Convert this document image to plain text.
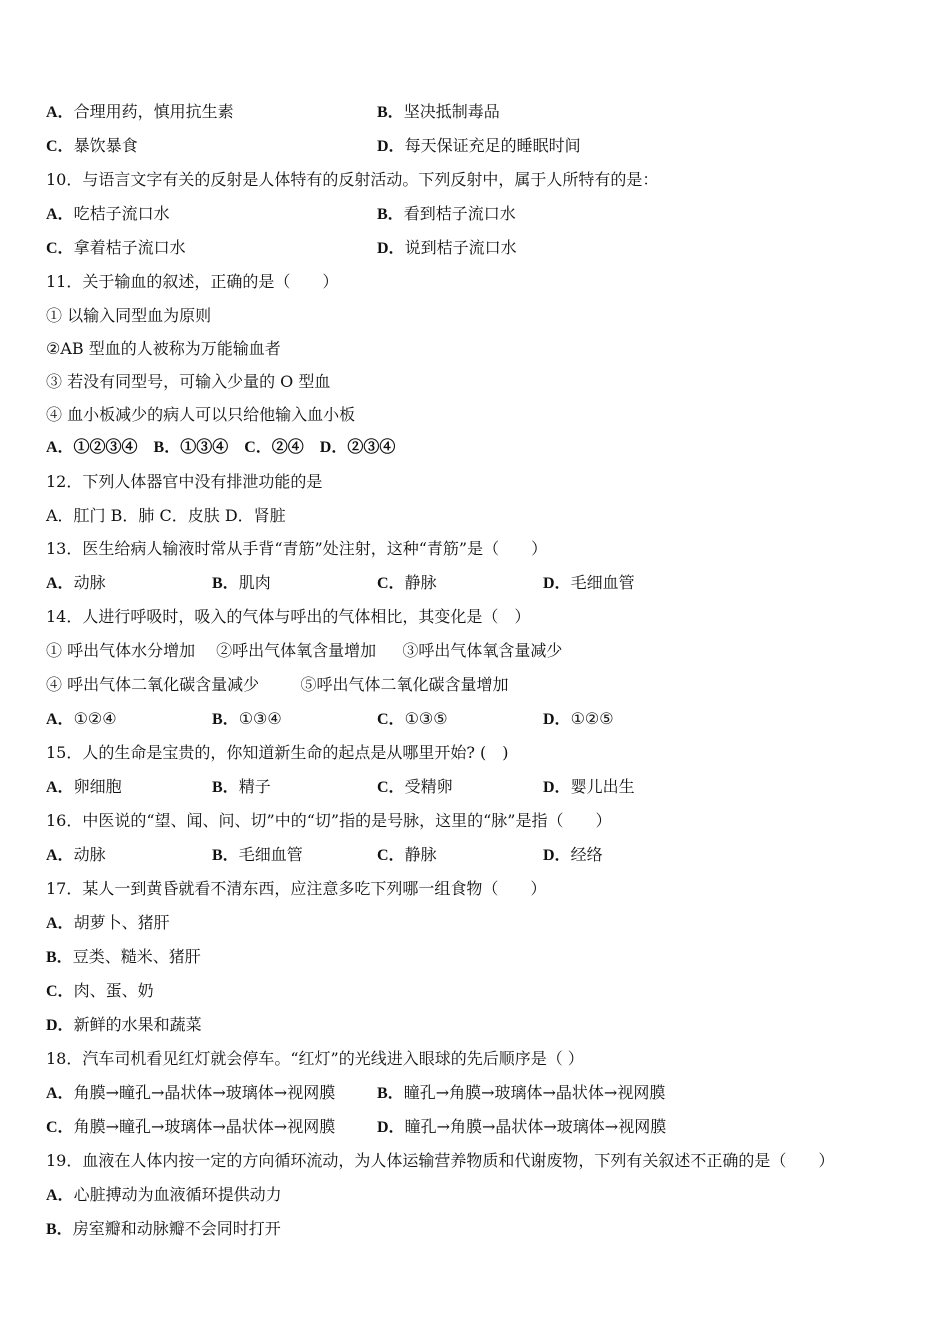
A．合理用药，慎用抗生素	B．坚决抵制毒品
C．暴饮暴食	D．每天保证充足的睡眠时间
10．与语言文字有关的反射是人体特有的反射活动。下列反射中，属于人所特有的是：
A．吃桔子流口水	B．看到桔子流口水
C．拿着桔子流口水	D．说到桔子流口水
11．关于输血的叙述，正确的是（　　）
① 以输入同型血为原则
②AB 型血的人被称为万能输血者
③ 若没有同型号，可输入少量的 O 型血
④ 血小板减少的病人可以只给他输入血小板
A．①②③④　B．①③④　C．②④　D．②③④
12．下列人体器官中没有排泄功能的是
A．肛门 B．肺 C．皮肤 D．肾脏
13．医生给病人输液时常从手背“青筋”处注射，这种“青筋”是（　　）
A．动脉	B．肌肉	C．静脉	D．毛细血管
14．人进行呼吸时，吸入的气体与呼出的气体相比，其变化是（　）
① 呼出气体水分增加　 ②呼出气体氧含量增加　  ③呼出气体氧含量减少
④ 呼出气体二氧化碳含量减少　     ⑤呼出气体二氧化碳含量增加
A．①②④	B．①③④	C．①③⑤	D．①②⑤
15．人的生命是宝贵的，你知道新生命的起点是从哪里开始? (　)
A．卵细胞	B．精子	C．受精卵	D．婴儿出生
16．中医说的“望、闻、问、切”中的“切”指的是号脉，这里的“脉”是指（　　）
A．动脉	B．毛细血管	C．静脉	D．经络
17．某人一到黄昏就看不清东西，应注意多吃下列哪一组食物（　　）
A．胡萝卜、猪肝
B．豆类、糙米、猪肝
C．肉、蛋、奶
D．新鲜的水果和蔬菜
18．汽车司机看见红灯就会停车。“红灯”的光线进入眼球的先后顺序是（ ）
A．角膜→瞳孔→晶状体→玻璃体→视网膜	B．瞳孔→角膜→玻璃体→晶状体→视网膜
C．角膜→瞳孔→玻璃体→晶状体→视网膜	D．瞳孔→角膜→晶状体→玻璃体→视网膜
19．血液在人体内按一定的方向循环流动，为人体运输营养物质和代谢废物，下列有关叙述不正确的是（　　）
A．心脏搏动为血液循环提供动力
B．房室瓣和动脉瓣不会同时打开
